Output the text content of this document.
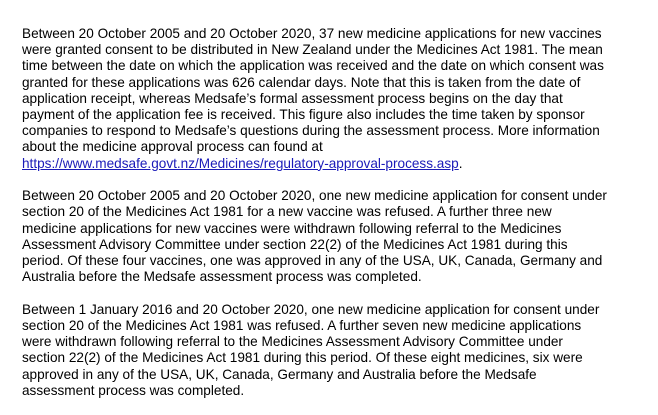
Between 20 October 2005 and 20 October 2020, 37 new medicine applications for new vaccines
were granted consent to be distributed in New Zealand under the Medicines Act 1981. The mean
time between the date on which the application was received and the date on which consent was
granted for these applications was 626 calendar days. Note that this is taken from the date of
application receipt, whereas Medsafe’s formal assessment process begins on the day that
payment of the application fee is received. This figure also includes the time taken by sponsor
companies to respond to Medsafe’s questions during the assessment process. More information
about the medicine approval process can found at
https://www.medsafe.govt.nz/Medicines/regulatory-approval-process.asp.
Between 20 October 2005 and 20 October 2020, one new medicine application for consent under
section 20 of the Medicines Act 1981 for a new vaccine was refused. A further three new
medicine applications for new vaccines were withdrawn following referral to the Medicines
Assessment Advisory Committee under section 22(2) of the Medicines Act 1981 during this
period. Of these four vaccines, one was approved in any of the USA, UK, Canada, Germany and
Australia before the Medsafe assessment process was completed.
Between 1 January 2016 and 20 October 2020, one new medicine application for consent under
section 20 of the Medicines Act 1981 was refused. A further seven new medicine applications
were withdrawn following referral to the Medicines Assessment Advisory Committee under
section 22(2) of the Medicines Act 1981 during this period. Of these eight medicines, six were
approved in any of the USA, UK, Canada, Germany and Australia before the Medsafe
assessment process was completed.
